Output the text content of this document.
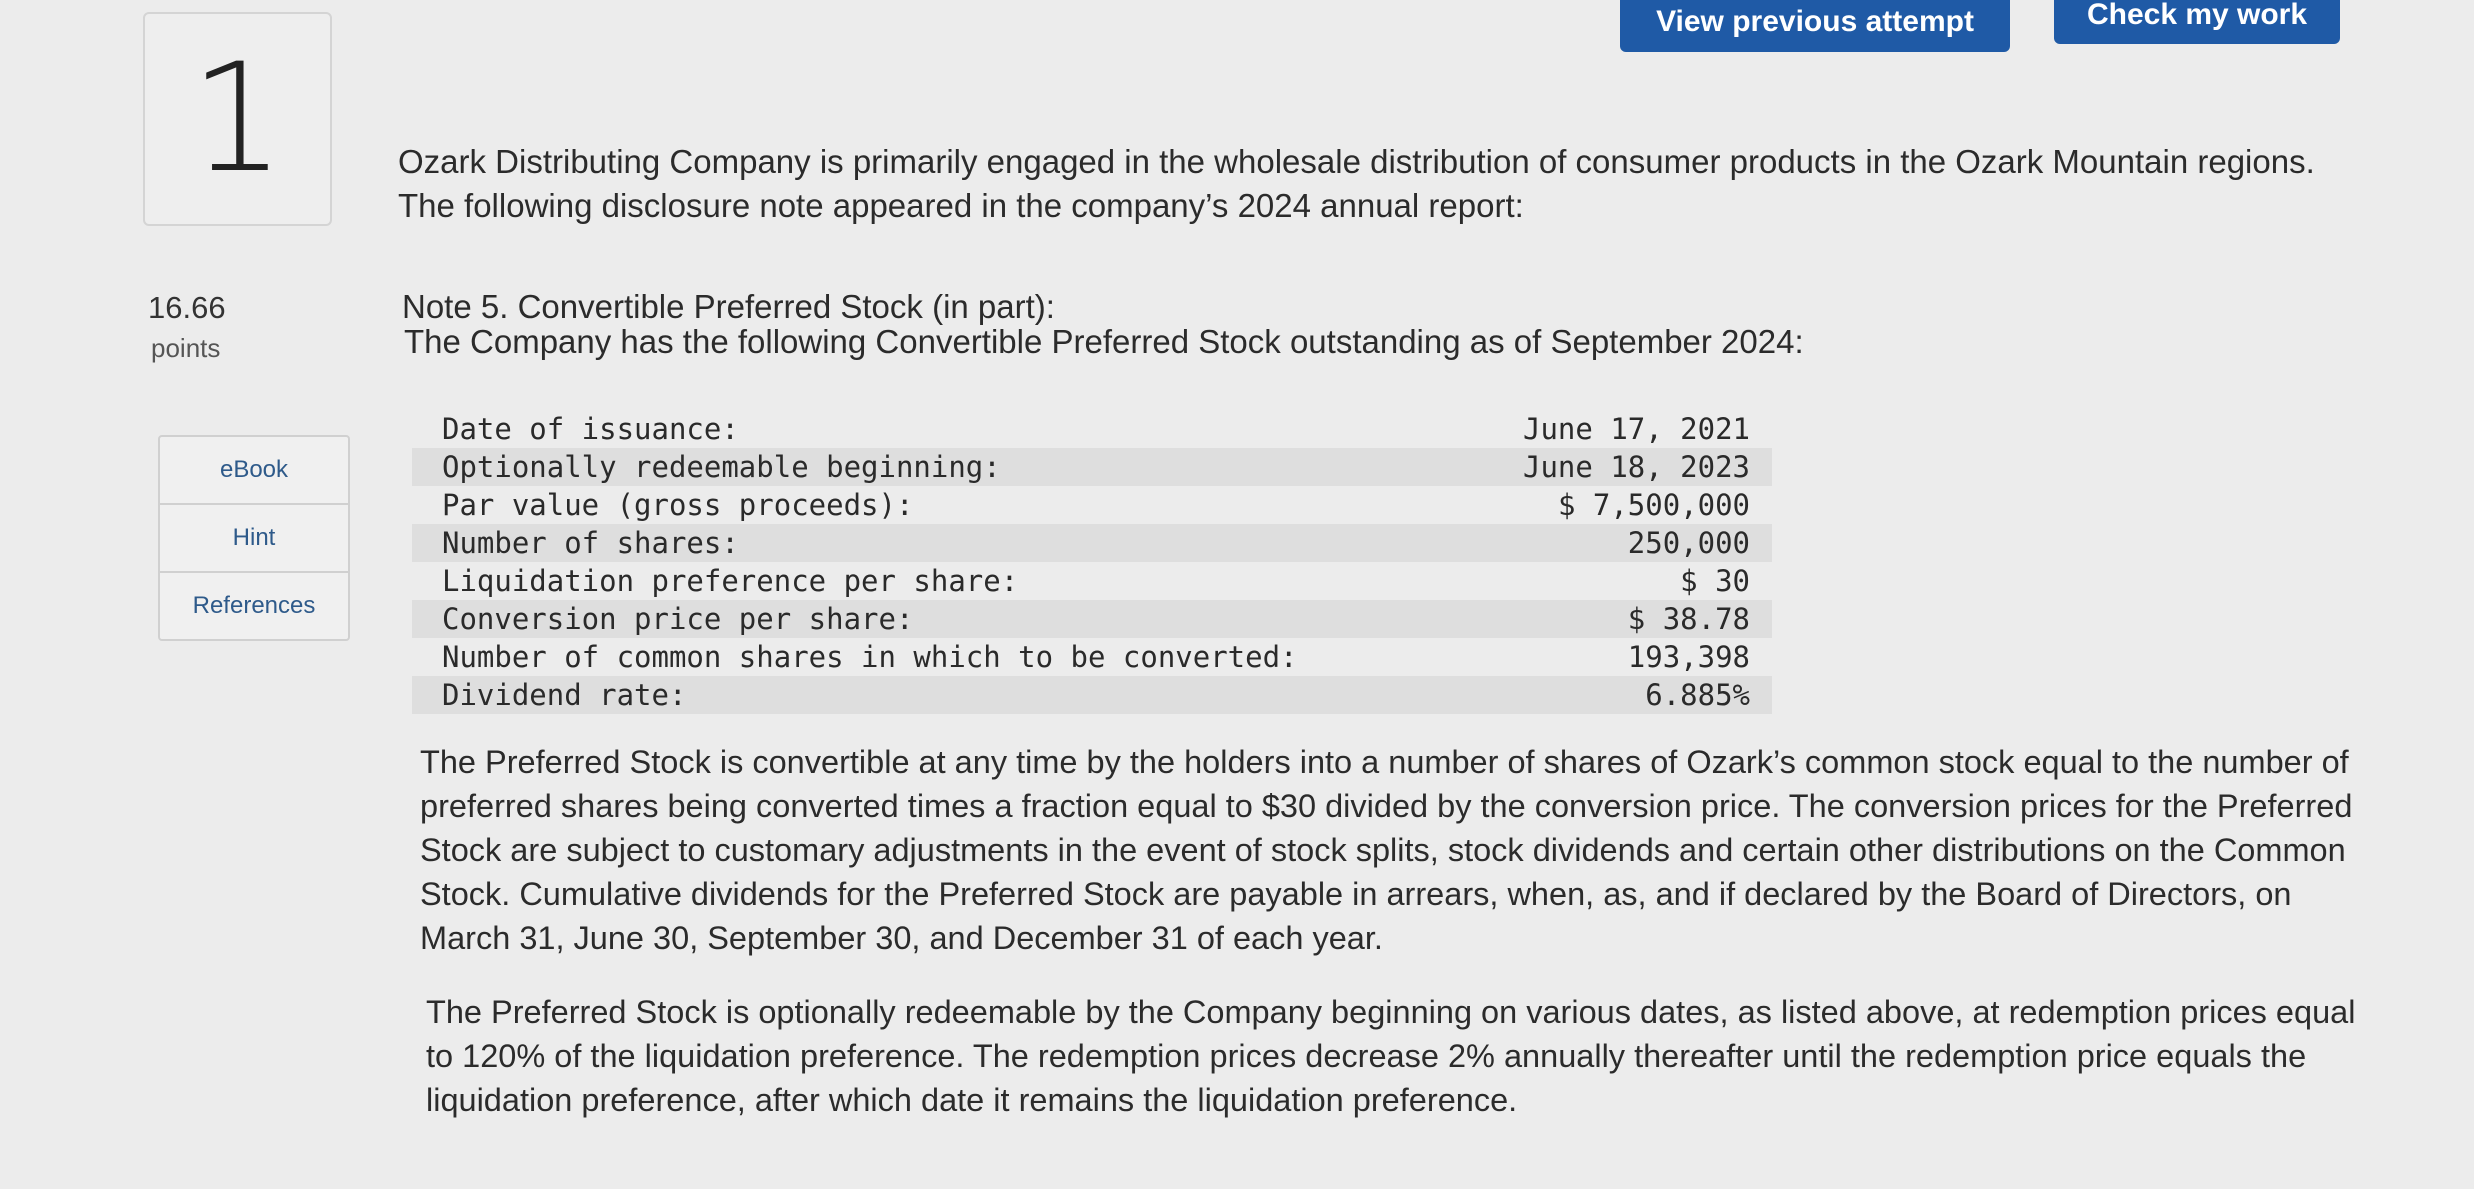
View previous attempt	Check my work
1
16.66
points
eBook
Hint
References
Ozark Distributing Company is primarily engaged in the wholesale distribution of consumer products in the Ozark Mountain regions. The following disclosure note appeared in the company’s 2024 annual report:
Note 5. Convertible Preferred Stock (in part):
The Company has the following Convertible Preferred Stock outstanding as of September 2024:
Date of issuance:	June 17, 2021
Optionally redeemable beginning:	June 18, 2023
Par value (gross proceeds):	$ 7,500,000
Number of shares:	250,000
Liquidation preference per share:	$ 30
Conversion price per share:	$ 38.78
Number of common shares in which to be converted:	193,398
Dividend rate:	6.885%
The Preferred Stock is convertible at any time by the holders into a number of shares of Ozark’s common stock equal to the number of preferred shares being converted times a fraction equal to $30 divided by the conversion price. The conversion prices for the Preferred Stock are subject to customary adjustments in the event of stock splits, stock dividends and certain other distributions on the Common Stock. Cumulative dividends for the Preferred Stock are payable in arrears, when, as, and if declared by the Board of Directors, on March 31, June 30, September 30, and December 31 of each year.
The Preferred Stock is optionally redeemable by the Company beginning on various dates, as listed above, at redemption prices equal to 120% of the liquidation preference. The redemption prices decrease 2% annually thereafter until the redemption price equals the liquidation preference, after which date it remains the liquidation preference.
